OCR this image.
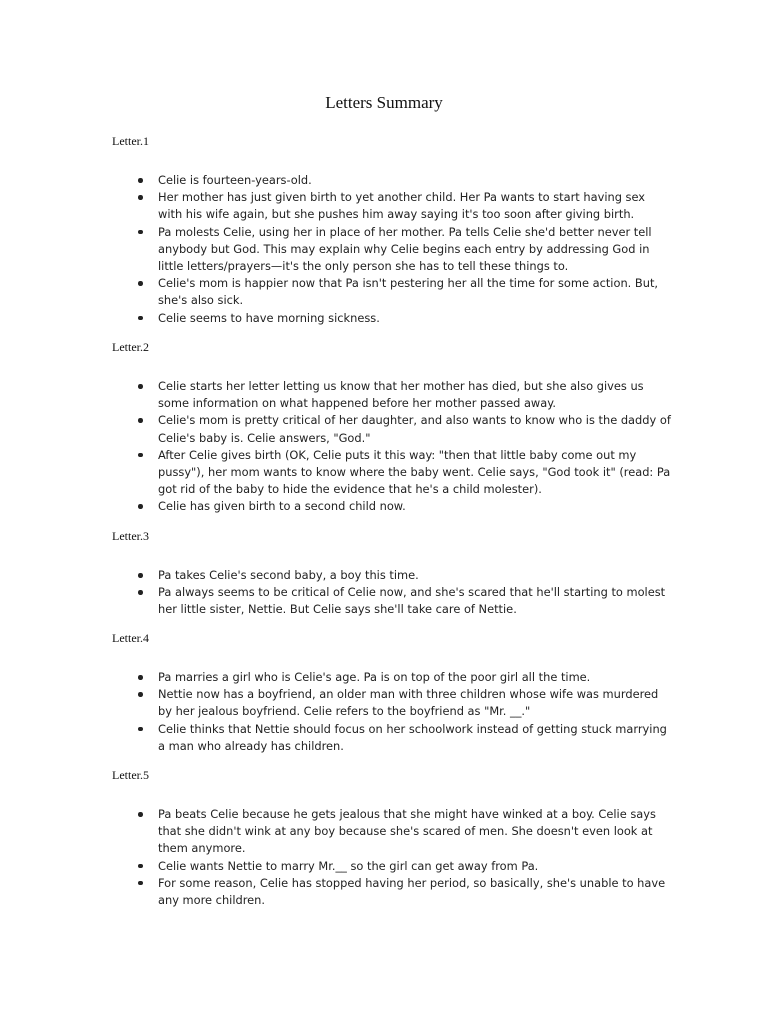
Letters Summary

Letter.1

Celie is fourteen-years-old.
Her mother has just given birth to yet another child. Her Pa wants to start having sex with his wife again, but she pushes him away saying it's too soon after giving birth.
Pa molests Celie, using her in place of her mother. Pa tells Celie she'd better never tell anybody but God. This may explain why Celie begins each entry by addressing God in little letters/prayers—it's the only person she has to tell these things to.
Celie's mom is happier now that Pa isn't pestering her all the time for some action. But, she's also sick.
Celie seems to have morning sickness.

Letter.2

Celie starts her letter letting us know that her mother has died, but she also gives us some information on what happened before her mother passed away.
Celie's mom is pretty critical of her daughter, and also wants to know who is the daddy of Celie's baby is. Celie answers, "God."
After Celie gives birth (OK, Celie puts it this way: "then that little baby come out my pussy"), her mom wants to know where the baby went. Celie says, "God took it" (read: Pa got rid of the baby to hide the evidence that he's a child molester).
Celie has given birth to a second child now.

Letter.3

Pa takes Celie's second baby, a boy this time.
Pa always seems to be critical of Celie now, and she's scared that he'll starting to molest her little sister, Nettie. But Celie says she'll take care of Nettie.

Letter.4

Pa marries a girl who is Celie's age. Pa is on top of the poor girl all the time.
Nettie now has a boyfriend, an older man with three children whose wife was murdered by her jealous boyfriend. Celie refers to the boyfriend as "Mr. __."
Celie thinks that Nettie should focus on her schoolwork instead of getting stuck marrying a man who already has children.

Letter.5

Pa beats Celie because he gets jealous that she might have winked at a boy. Celie says that she didn't wink at any boy because she's scared of men. She doesn't even look at them anymore.
Celie wants Nettie to marry Mr.__ so the girl can get away from Pa.
For some reason, Celie has stopped having her period, so basically, she's unable to have any more children.
